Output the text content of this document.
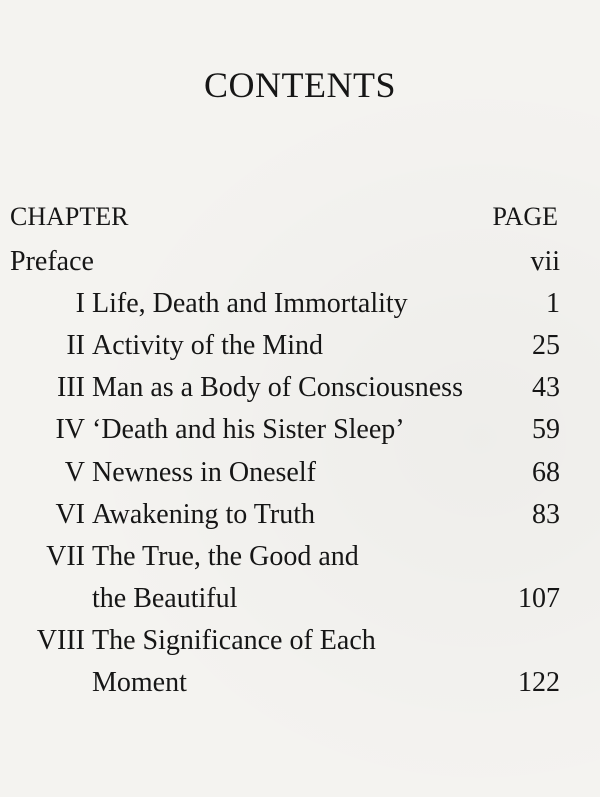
CONTENTS
CHAPTER	PAGE
Preface	vii
I Life, Death and Immortality	1
II Activity of the Mind	25
III Man as a Body of Consciousness 43
IV ‘Death and his Sister Sleep’	59
V Newness in Oneself	68
VI Awakening to Truth	83
VII The True, the Good and
the Beautiful	107
VIII The Significance of Each
Moment	122
